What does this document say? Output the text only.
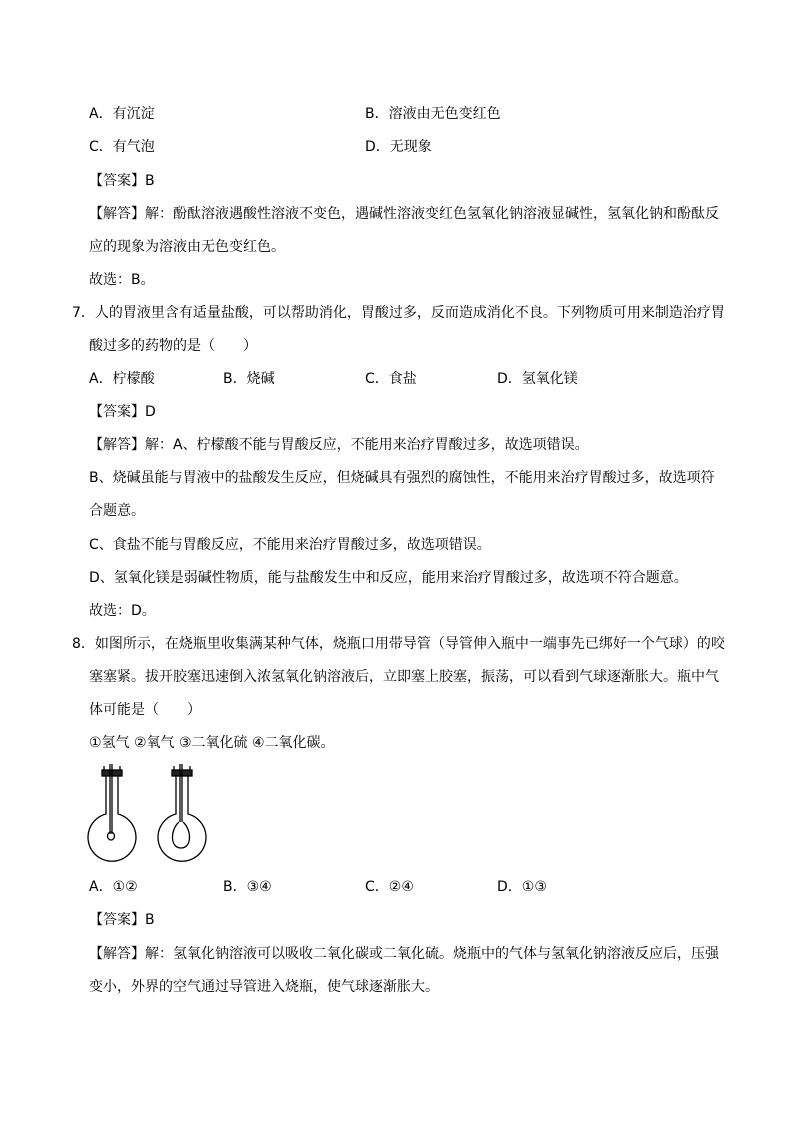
A．有沉淀	B．溶液由无色变红色
C．有气泡	D．无现象
【答案】B
【解答】解：酚酞溶液遇酸性溶液不变色，遇碱性溶液变红色氢氧化钠溶液显碱性，氢氧化钠和酚酞反
应的现象为溶液由无色变红色。
故选：B。
7．人的胃液里含有适量盐酸，可以帮助消化，胃酸过多，反而造成消化不良。下列物质可用来制造治疗胃
酸过多的药物的是（　　）
A．柠檬酸	B．烧碱	C．食盐	D．氢氧化镁
【答案】D
【解答】解：A、柠檬酸不能与胃酸反应，不能用来治疗胃酸过多，故选项错误。
B、烧碱虽能与胃液中的盐酸发生反应，但烧碱具有强烈的腐蚀性，不能用来治疗胃酸过多，故选项符
合题意。
C、食盐不能与胃酸反应，不能用来治疗胃酸过多，故选项错误。
D、氢氧化镁是弱碱性物质，能与盐酸发生中和反应，能用来治疗胃酸过多，故选项不符合题意。
故选：D。
8．如图所示，在烧瓶里收集满某种气体，烧瓶口用带导管（导管伸入瓶中一端事先已绑好一个气球）的咬
塞塞紧。拔开胶塞迅速倒入浓氢氧化钠溶液后，立即塞上胶塞，振荡，可以看到气球逐渐胀大。瓶中气
体可能是（　　）
①氢气 ②氧气 ③二氧化硫 ④二氧化碳。
A．①②	B．③④	C．②④	D．①③
【答案】B
【解答】解：氢氧化钠溶液可以吸收二氧化碳或二氧化硫。烧瓶中的气体与氢氧化钠溶液反应后，压强
变小，外界的空气通过导管进入烧瓶，使气球逐渐胀大。
